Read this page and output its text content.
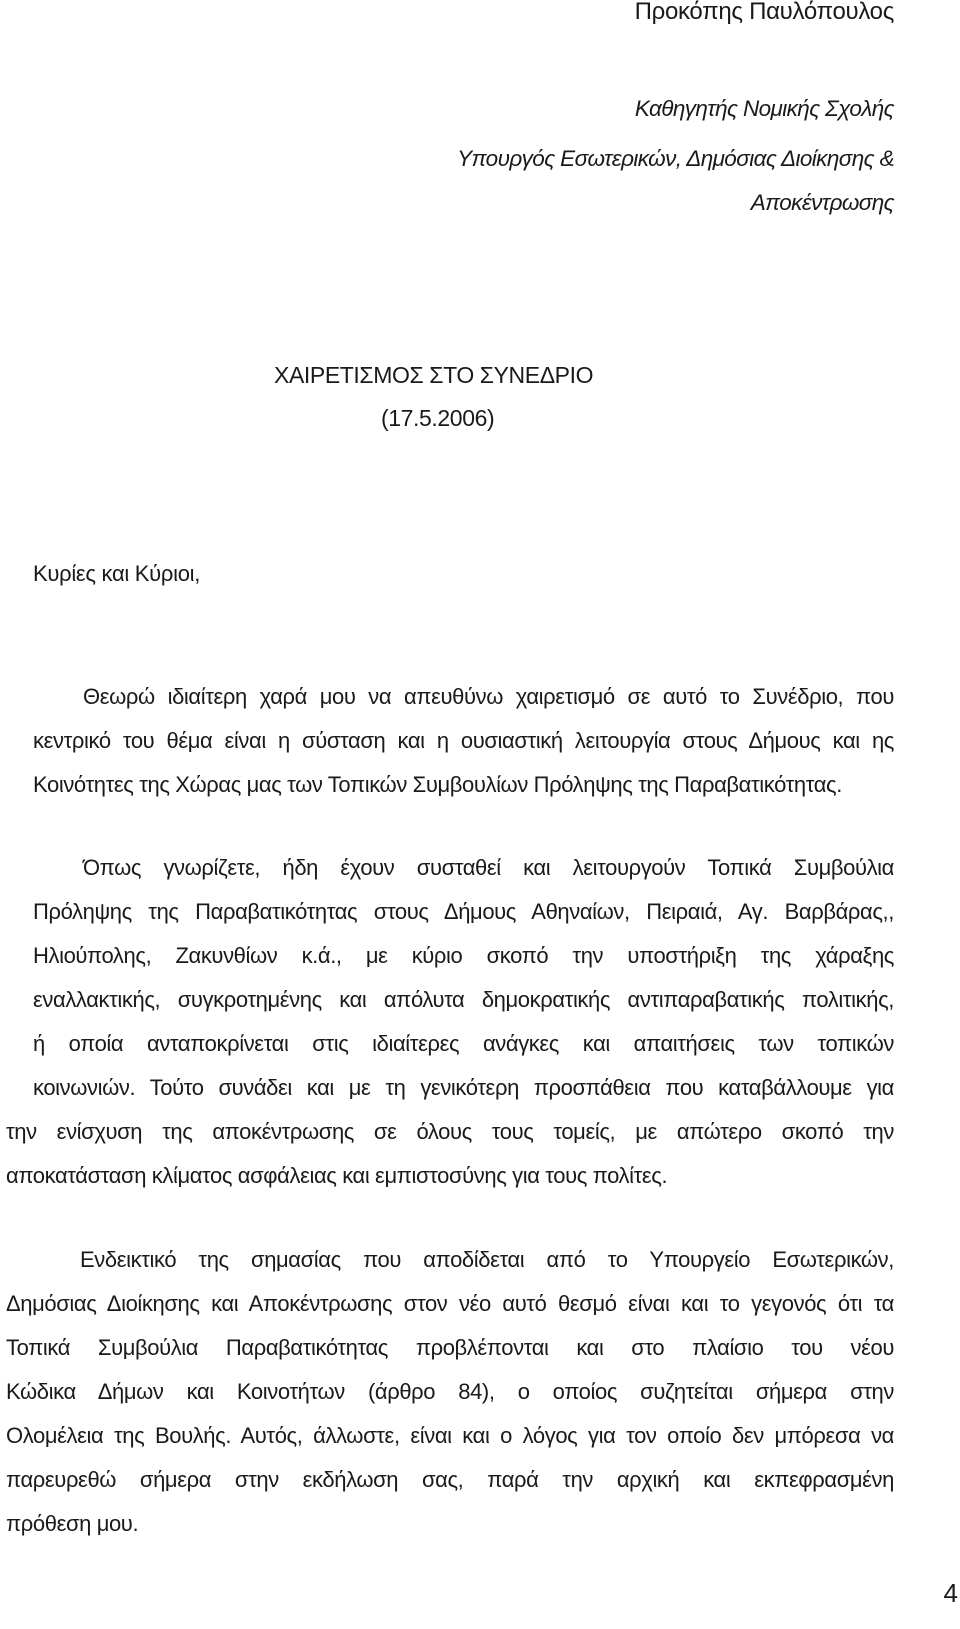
Προκόπης Παυλόπουλος
Καθηγητής Νομικής Σχολής
Υπουργός Εσωτερικών, Δημόσιας Διοίκησης &
Αποκέντρωσης
ΧΑΙΡΕΤΙΣΜΟΣ ΣΤΟ ΣΥΝΕΔΡΙΟ
(17.5.2006)
Κυρίες και Κύριοι,
Θεωρώ ιδιαίτερη χαρά μου να απευθύνω χαιρετισμό σε αυτό το Συνέδριο, που
κεντρικό του θέμα είναι η σύσταση και η ουσιαστική λειτουργία στους Δήμους και ης
Κοινότητες της Χώρας μας των Τοπικών Συμβουλίων Πρόληψης της Παραβατικότητας.
Όπως γνωρίζετε, ήδη έχουν συσταθεί και λειτουργούν Τοπικά Συμβούλια
Πρόληψης της Παραβατικότητας στους Δήμους Αθηναίων, Πειραιά, Αγ. Βαρβάρας,,
Ηλιούπολης, Ζακυνθίων κ.ά., με κύριο σκοπό την υποστήριξη της χάραξης
εναλλακτικής, συγκροτημένης και απόλυτα δημοκρατικής αντιπαραβατικής πολιτικής,
ή οποία ανταποκρίνεται στις ιδιαίτερες ανάγκες και απαιτήσεις των τοπικών
κοινωνιών. Τούτο συνάδει και με τη γενικότερη προσπάθεια που καταβάλλουμε για
την ενίσχυση της αποκέντρωσης σε όλους τους τομείς, με απώτερο σκοπό την
αποκατάσταση κλίματος ασφάλειας και εμπιστοσύνης για τους πολίτες.
Ενδεικτικό της σημασίας που αποδίδεται από το Υπουργείο Εσωτερικών,
Δημόσιας Διοίκησης και Αποκέντρωσης στον νέο αυτό θεσμό είναι και το γεγονός ότι τα
Τοπικά Συμβούλια Παραβατικότητας προβλέπονται και στο πλαίσιο του νέου
Κώδικα Δήμων και Κοινοτήτων (άρθρο 84), ο οποίος συζητείται σήμερα στην
Ολομέλεια της Βουλής. Αυτός, άλλωστε, είναι και ο λόγος για τον οποίο δεν μπόρεσα να
παρευρεθώ σήμερα στην εκδήλωση σας, παρά την αρχική και εκπεφρασμένη
πρόθεση μου.
4
